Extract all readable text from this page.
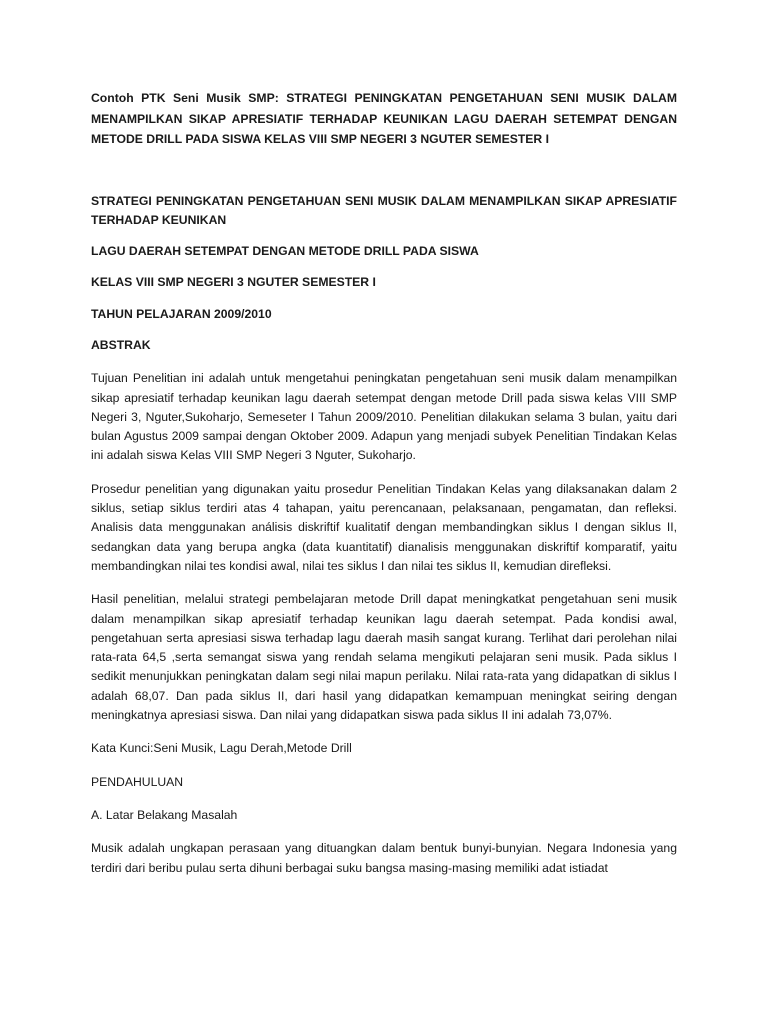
Contoh PTK Seni Musik SMP: STRATEGI PENINGKATAN PENGETAHUAN SENI MUSIK DALAM MENAMPILKAN SIKAP APRESIATIF TERHADAP KEUNIKAN LAGU DAERAH SETEMPAT DENGAN METODE DRILL PADA SISWA KELAS VIII SMP NEGERI 3 NGUTER SEMESTER I

STRATEGI PENINGKATAN PENGETAHUAN SENI MUSIK DALAM MENAMPILKAN SIKAP APRESIATIF TERHADAP KEUNIKAN

LAGU DAERAH SETEMPAT DENGAN METODE DRILL PADA SISWA

KELAS VIII SMP NEGERI 3 NGUTER SEMESTER I

TAHUN PELAJARAN 2009/2010

ABSTRAK

Tujuan Penelitian ini adalah untuk mengetahui peningkatan pengetahuan seni musik dalam menampilkan sikap apresiatif terhadap keunikan lagu daerah setempat dengan metode Drill pada siswa kelas VIII SMP Negeri 3, Nguter,Sukoharjo, Semeseter I Tahun 2009/2010. Penelitian dilakukan selama 3 bulan, yaitu dari bulan Agustus 2009 sampai dengan Oktober 2009. Adapun yang menjadi subyek Penelitian Tindakan Kelas ini adalah siswa Kelas VIII SMP Negeri 3 Nguter, Sukoharjo.

Prosedur penelitian yang digunakan yaitu prosedur Penelitian Tindakan Kelas yang dilaksanakan dalam 2 siklus, setiap siklus terdiri atas 4 tahapan, yaitu perencanaan, pelaksanaan, pengamatan, dan refleksi. Analisis data menggunakan análisis diskriftif kualitatif dengan membandingkan siklus I dengan siklus II, sedangkan data yang berupa angka (data kuantitatif) dianalisis menggunakan diskriftif komparatif, yaitu membandingkan nilai tes kondisi awal, nilai tes siklus I dan nilai tes siklus II, kemudian direfleksi.

Hasil penelitian, melalui strategi pembelajaran metode Drill dapat meningkatkat pengetahuan seni musik dalam menampilkan sikap apresiatif terhadap keunikan lagu daerah setempat. Pada kondisi awal, pengetahuan serta apresiasi siswa terhadap lagu daerah masih sangat kurang. Terlihat dari perolehan nilai rata-rata 64,5 ,serta semangat siswa yang rendah selama mengikuti pelajaran seni musik. Pada siklus I sedikit menunjukkan peningkatan dalam segi nilai mapun perilaku. Nilai rata-rata yang didapatkan di siklus I adalah 68,07. Dan pada siklus II, dari hasil yang didapatkan kemampuan meningkat seiring dengan meningkatnya apresiasi siswa. Dan nilai yang didapatkan siswa pada siklus II ini adalah 73,07%.

Kata Kunci:Seni Musik, Lagu Derah,Metode Drill

PENDAHULUAN

A. Latar Belakang Masalah

Musik adalah ungkapan perasaan yang dituangkan dalam bentuk bunyi-bunyian. Negara Indonesia yang terdiri dari beribu pulau serta dihuni berbagai suku bangsa masing-masing memiliki adat istiadat
